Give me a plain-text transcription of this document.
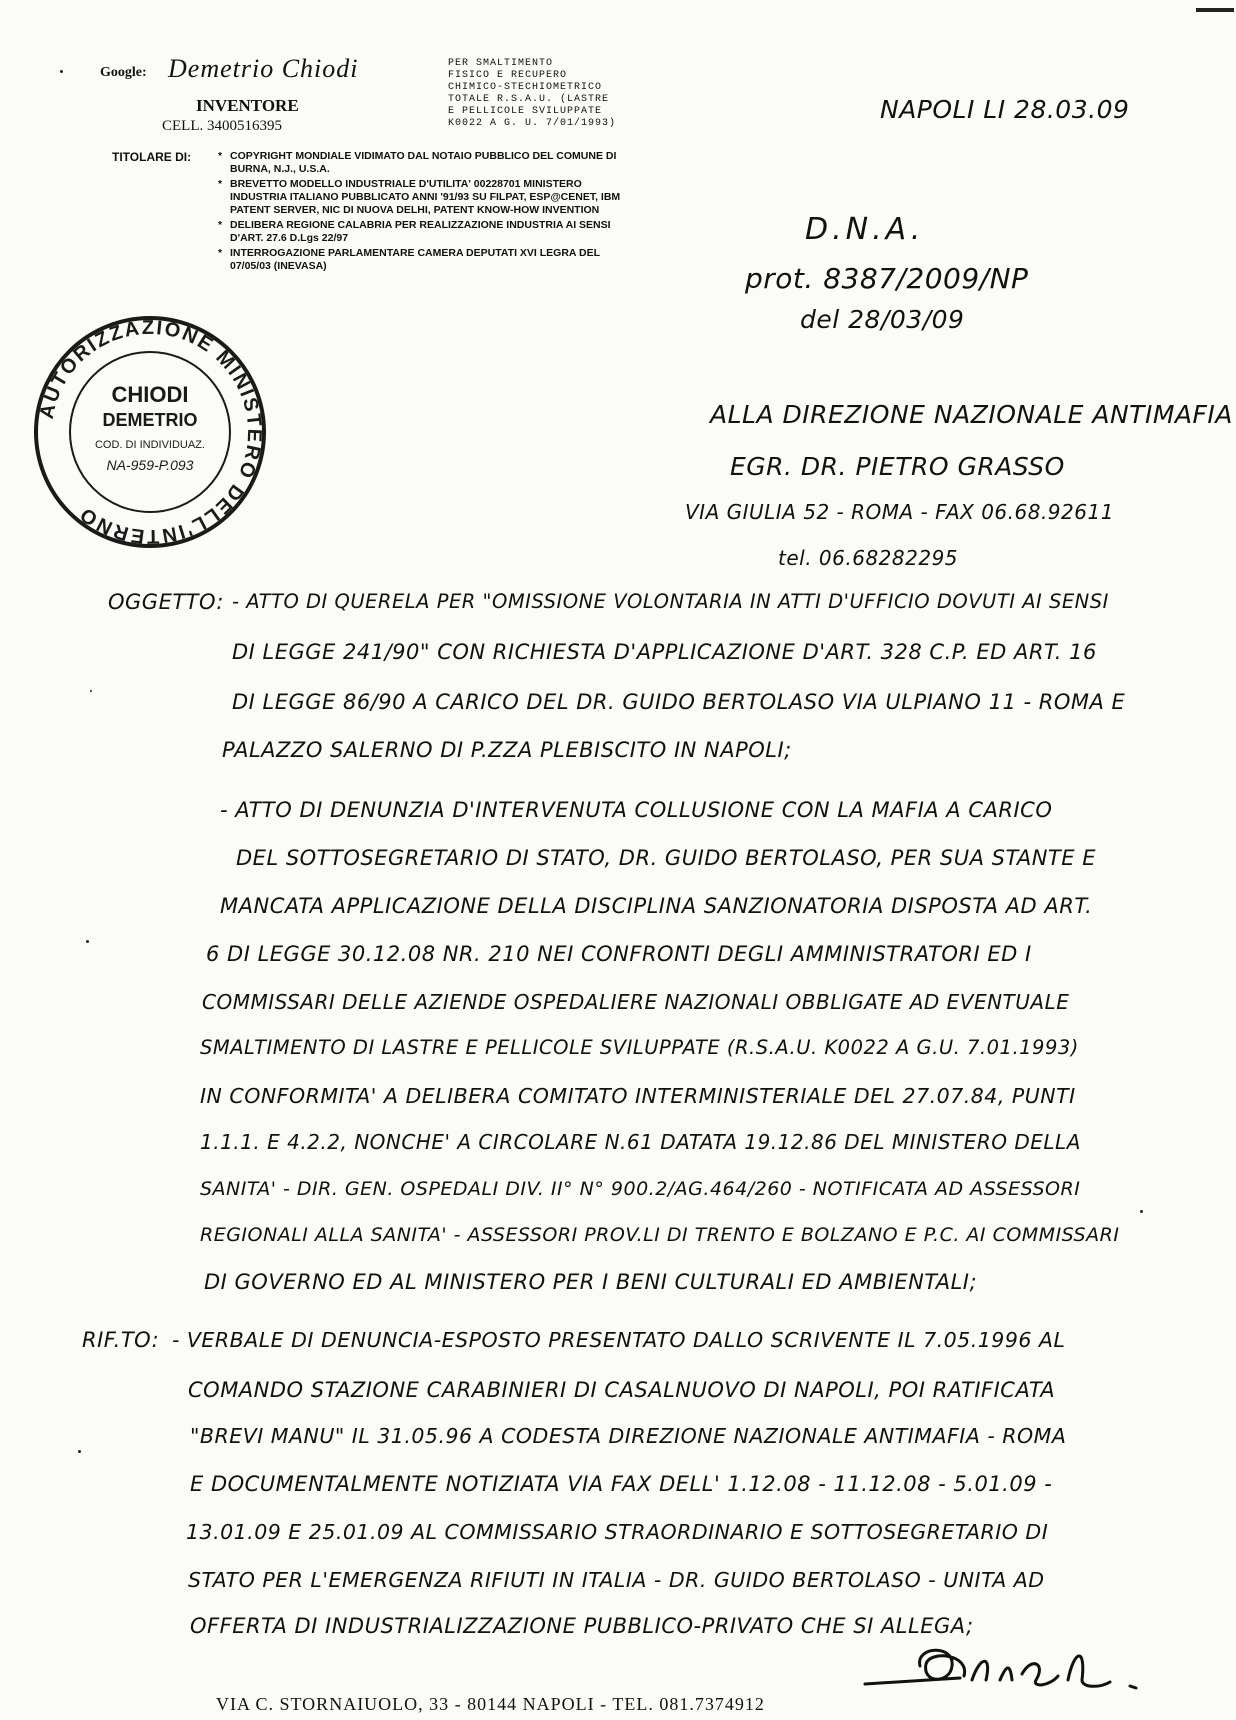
Google: Demetrio Chiodi
INVENTORE
CELL. 3400516395
PER SMALTIMENTO
FISICO E RECUPERO
CHIMICO-STECHIOMETRICO
TOTALE R.S.A.U. (LASTRE
E PELLICOLE SVILUPPATE
K0022 A G. U. 7/01/1993)
TITOLARE DI:
*	COPYRIGHT MONDIALE VIDIMATO DAL NOTAIO PUBBLICO DEL COMUNE DI BURNA, N.J., U.S.A.
* BREVETTO MODELLO INDUSTRIALE D'UTILITA' 00228701 MINISTERO INDUSTRIA ITALIANO PUBBLICATO ANNI '91/93 SU FILPAT, ESP@CENET, IBM PATENT SERVER, NIC DI NUOVA DELHI, PATENT KNOW-HOW INVENTION
* DELIBERA REGIONE CALABRIA PER REALIZZAZIONE INDUSTRIA AI SENSI D'ART. 27.6 D.Lgs 22/97
* INTERROGAZIONE PARLAMENTARE CAMERA DEPUTATI XVI LEGRA DEL 07/05/03 (INEVASA)
AUTORIZZAZIONE MINISTERO DELL'INTERNO
CHIODI
DEMETRIO
COD. DI INDIVIDUAZ.
NA-959-P.093
NAPOLI LI 28.03.09
D.N.A.
prot. 8387/2009/NP
del 28/03/09
ALLA DIREZIONE NAZIONALE ANTIMAFIA
EGR. DR. PIETRO GRASSO
VIA GIULIA 52 - ROMA - FAX 06.68.92611
tel. 06.68282295
OGGETTO: - ATTO DI QUERELA PER "OMISSIONE VOLONTARIA IN ATTI D'UFFICIO DOVUTI AI SENSI
DI LEGGE 241/90" CON RICHIESTA D'APPLICAZIONE D'ART. 328 C.P. ED ART. 16
DI LEGGE 86/90 A CARICO DEL DR. GUIDO BERTOLASO VIA ULPIANO 11 - ROMA E
PALAZZO SALERNO DI P.ZZA PLEBISCITO IN NAPOLI;
- ATTO DI DENUNZIA D'INTERVENUTA COLLUSIONE CON LA MAFIA A CARICO
DEL SOTTOSEGRETARIO DI STATO, DR. GUIDO BERTOLASO, PER SUA STANTE E
MANCATA APPLICAZIONE DELLA DISCIPLINA SANZIONATORIA DISPOSTA AD ART.
6 DI LEGGE 30.12.08 NR. 210 NEI CONFRONTI DEGLI AMMINISTRATORI ED I
COMMISSARI DELLE AZIENDE OSPEDALIERE NAZIONALI OBBLIGATE AD EVENTUALE
SMALTIMENTO DI LASTRE E PELLICOLE SVILUPPATE (R.S.A.U. K0022 A G.U. 7.01.1993)
IN CONFORMITA' A DELIBERA COMITATO INTERMINISTERIALE DEL 27.07.84, PUNTI
1.1.1. E 4.2.2, NONCHE' A CIRCOLARE N.61 DATATA 19.12.86 DEL MINISTERO DELLA
SANITA' - DIR. GEN. OSPEDALI DIV. II° N° 900.2/AG.464/260 - NOTIFICATA AD ASSESSORI
REGIONALI ALLA SANITA' - ASSESSORI PROV.LI DI TRENTO E BOLZANO E P.C. AI COMMISSARI
DI GOVERNO ED AL MINISTERO PER I BENI CULTURALI ED AMBIENTALI;
RIF.TO: - VERBALE DI DENUNCIA-ESPOSTO PRESENTATO DALLO SCRIVENTE IL 7.05.1996 AL
COMANDO STAZIONE CARABINIERI DI CASALNUOVO DI NAPOLI, POI RATIFICATA
"BREVI MANU" IL 31.05.96 A CODESTA DIREZIONE NAZIONALE ANTIMAFIA - ROMA
E DOCUMENTALMENTE NOTIZIATA VIA FAX DELL' 1.12.08 - 11.12.08 - 5.01.09 -
13.01.09 E 25.01.09 AL COMMISSARIO STRAORDINARIO E SOTTOSEGRETARIO DI
STATO PER L'EMERGENZA RIFIUTI IN ITALIA - DR. GUIDO BERTOLASO - UNITA AD
OFFERTA DI INDUSTRIALIZZAZIONE PUBBLICO-PRIVATO CHE SI ALLEGA;
VIA C. STORNAIUOLO, 33 - 80144 NAPOLI - TEL. 081.7374912
